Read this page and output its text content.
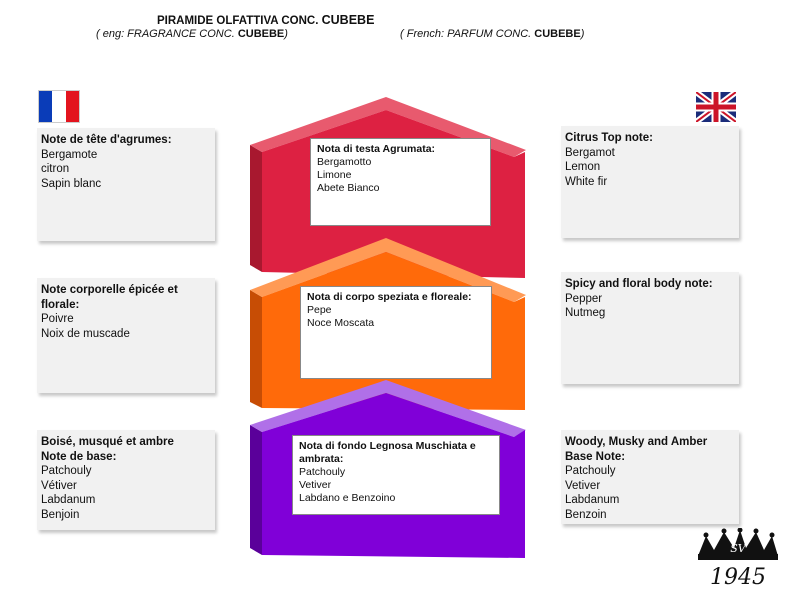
PIRAMIDE OLFATTIVA CONC. CUBEBE
( eng: FRAGRANCE CONC. CUBEBE)	( French: PARFUM CONC. CUBEBE)
Nota di testa Agrumata:
Bergamotto
Limone
Abete Bianco
Nota di corpo speziata e floreale:
Pepe
Noce Moscata
Nota di fondo Legnosa Muschiata e ambrata:
Patchouly
Vetiver
Labdano e Benzoino
Note de tête d'agrumes:
Bergamote
citron
Sapin blanc
Note corporelle épicée et florale:
Poivre
Noix de muscade
Boisé, musqué et ambre
Note de base:
Patchouly
Vétiver
Labdanum
Benjoin
Citrus Top note:
Bergamot
Lemon
White fir
Spicy and floral body note:
Pepper
Nutmeg
Woody, Musky and Amber
Base Note:
Patchouly
Vetiver
Labdanum
Benzoin
SV
1945
